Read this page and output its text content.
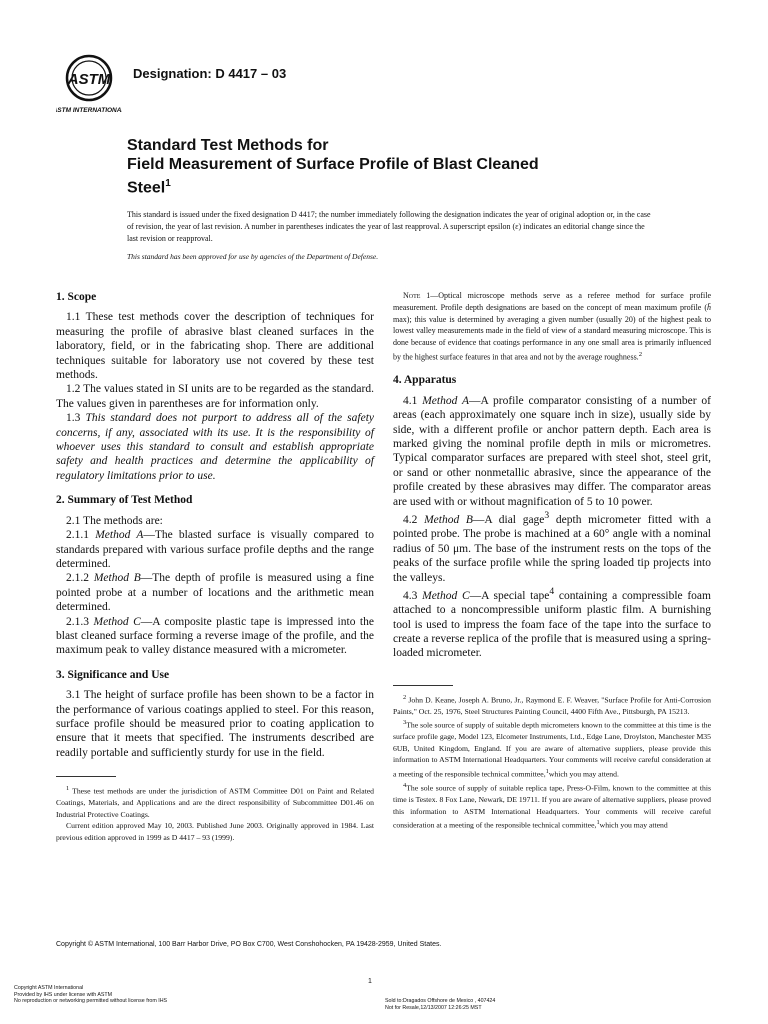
ASTM
ASTM INTERNATIONAL
Designation: D 4417 – 03
Standard Test Methods for
Field Measurement of Surface Profile of Blast Cleaned
Steel$^1$
This standard is issued under the fixed designation D 4417; the number immediately following the designation indicates the year of original adoption or, in the case of revision, the year of last revision. A number in parentheses indicates the year of last reapproval. A superscript epsilon (ε) indicates an editorial change since the last revision or reapproval.
This standard has been approved for use by agencies of the Department of Defense.
1. Scope

1.1 These test methods cover the description of techniques for measuring the profile of abrasive blast cleaned surfaces in the laboratory, field, or in the fabricating shop. There are additional techniques suitable for laboratory use not covered by these test methods.

1.2 The values stated in SI units are to be regarded as the standard. The values given in parentheses are for information only.

1.3 This standard does not purport to address all of the safety concerns, if any, associated with its use. It is the responsibility of whoever uses this standard to consult and establish appropriate safety and health practices and determine the applicability of regulatory limitations prior to use.

2. Summary of Test Method

2.1 The methods are:

2.1.1 Method A—The blasted surface is visually compared to standards prepared with various surface profile depths and the range determined.

2.1.2 Method B—The depth of profile is measured using a fine pointed probe at a number of locations and the arithmetic mean determined.

2.1.3 Method C—A composite plastic tape is impressed into the blast cleaned surface forming a reverse image of the profile, and the maximum peak to valley distance measured with a micrometer.

3. Significance and Use

3.1 The height of surface profile has been shown to be a factor in the performance of various coatings applied to steel. For this reason, surface profile should be measured prior to coating application to ensure that it meets that specified. The instruments described are readily portable and sufficiently sturdy for use in the field.

$^1$ These test methods are under the jurisdiction of ASTM Committee D01 on Paint and Related Coatings, Materials, and Applications and are the direct responsibility of Subcommittee D01.46 on Industrial Protective Coatings.

Current edition approved May 10, 2003. Published June 2003. Originally approved in 1984. Last previous edition approved in 1999 as D 4417 – 93 (1999).

Note 1—Optical microscope methods serve as a referee method for surface profile measurement. Profile depth designations are based on the concept of mean maximum profile (h̄ max); this value is determined by averaging a given number (usually 20) of the highest peak to lowest valley measurements made in the field of view of a standard measuring microscope. This is done because of evidence that coatings performance in any one small area is primarily influenced by the highest surface features in that area and not by the average roughness.$^2$

4. Apparatus

4.1 Method A—A profile comparator consisting of a number of areas (each approximately one square inch in size), usually side by side, with a different profile or anchor pattern depth. Each area is marked giving the nominal profile depth in mils or micrometres. Typical comparator surfaces are prepared with steel shot, steel grit, or sand or other nonmetallic abrasive, since the appearance of the profile created by these abrasives may differ. The comparator areas are used with or without magnification of 5 to 10 power.

4.2 Method B—A dial gage$^3$ depth micrometer fitted with a pointed probe. The probe is machined at a 60° angle with a nominal radius of 50 μm. The base of the instrument rests on the tops of the peaks of the surface profile while the spring loaded tip projects into the valleys.

4.3 Method C—A special tape$^4$ containing a compressible foam attached to a noncompressible uniform plastic film. A burnishing tool is used to impress the foam face of the tape into the surface to create a reverse replica of the profile that is measured using a spring-loaded micrometer.

$^2$ John D. Keane, Joseph A. Bruno, Jr., Raymond E. F. Weaver, "Surface Profile for Anti-Corrosion Paints," Oct. 25, 1976, Steel Structures Painting Council, 4400 Fifth Ave., Pittsburgh, PA 15213.

$^3$The sole source of supply of suitable depth micrometers known to the committee at this time is the surface profile gage, Model 123, Elcometer Instruments, Ltd., Edge Lane, Droylston, Manchester M35 6UB, United Kingdom, England. If you are aware of alternative suppliers, please provide this information to ASTM International Headquarters. Your comments will receive careful consideration at a meeting of the responsible technical committee,$^1$which you may attend.

$^4$The sole source of supply of suitable replica tape, Press-O-Film, known to the committee at this time is Testex. 8 Fox Lane, Newark, DE 19711. If you are aware of alternative suppliers, please proved this information to ASTM International Headquarters. Your comments will receive careful consideration at a meeting of the responsible technical committee,$^1$which you may attend

Copyright © ASTM International, 100 Barr Harbor Drive, PO Box C700, West Conshohocken, PA 19428-2959, United States.
1
Copyright ASTM International
Provided by IHS under license with ASTM
No reproduction or networking permitted without license from IHS	Sold to:Dragados Offshore de Mexico , 407424
Not for Resale,12/13/2007 12:26:25 MST
